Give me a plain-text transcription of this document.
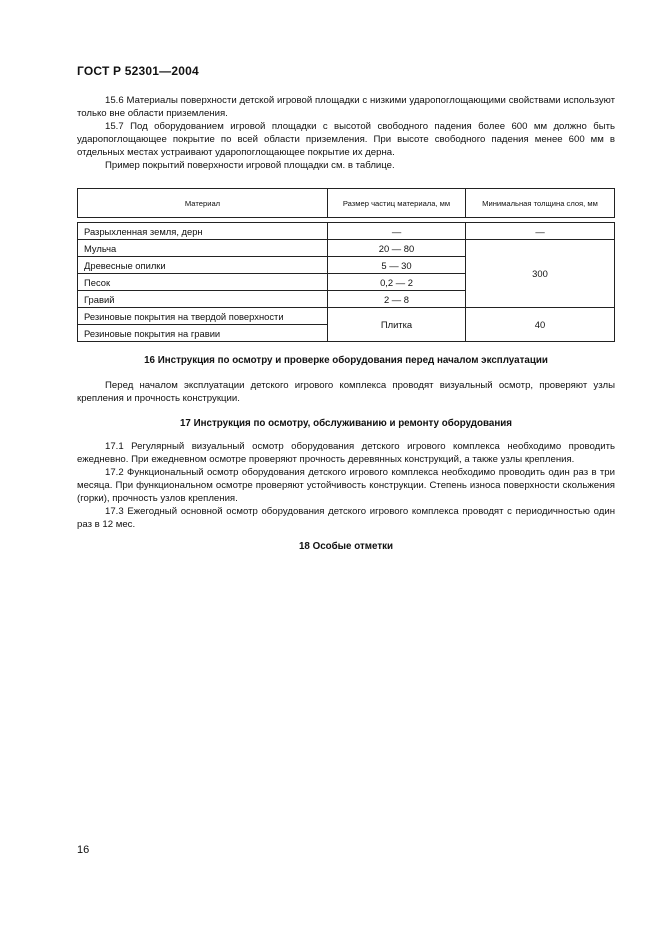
ГОСТ Р 52301—2004

15.6 Материалы поверхности детской игровой площадки с низкими ударопоглощающими свойствами используют только вне области приземления.

15.7 Под оборудованием игровой площадки с высотой свободного падения более 600 мм должно быть ударопоглощающее покрытие по всей области приземления. При высоте свободного падения менее 600 мм в отдельных местах устраивают ударопоглощающее покрытие их дерна.

Пример покрытий поверхности игровой площадки см. в таблице.

Материал	Размер частиц материала, мм	Минимальная толщина слоя, мм

Разрыхленная земля, дерн	—	—
Мульча	20 — 80	300
Древесные опилки	5 — 30	
Песок	0,2 — 2	
Гравий	2 — 8	
Резиновые покрытия на твердой поверхности	Плитка	40
Резиновые покрытия на гравии		
16 Инструкция по осмотру и проверке оборудования перед началом эксплуатации

Перед началом эксплуатации детского игрового комплекса проводят визуальный осмотр, проверяют узлы крепления и прочность конструкции.

17 Инструкция по осмотру, обслуживанию и ремонту оборудования

17.1 Регулярный визуальный осмотр оборудования детского игрового комплекса необходимо проводить ежедневно. При ежедневном осмотре проверяют прочность деревянных конструкций, а также узлы крепления.

17.2 Функциональный осмотр оборудования детского игрового комплекса необходимо проводить один раз в три месяца. При функциональном осмотре проверяют устойчивость конструкции. Степень износа поверхности скольжения (горки), прочность узлов крепления.

17.3 Ежегодный основной осмотр оборудования детского игрового комплекса проводят с периодичностью один раз в 12 мес.

18 Особые отметки
16
